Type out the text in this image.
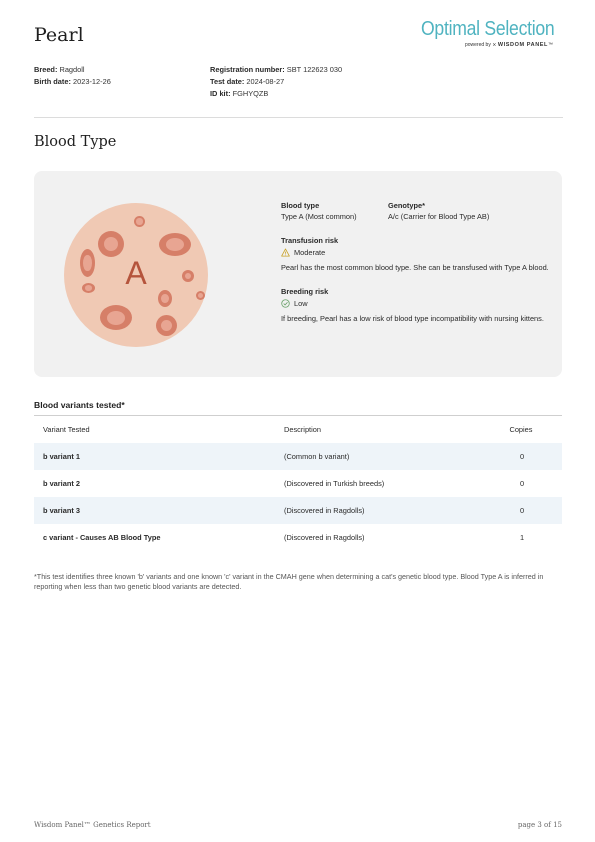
Pearl	Optimal Selection
powered by ⨯ WISDOM PANEL™
Breed: Ragdoll
Birth date: 2023-12-26
Registration number: SBT 122623 030
Test date: 2024-08-27
ID kit: FGHYQZB
Blood Type
A
Blood type
Type A (Most common)
Genotype*
A/c (Carrier for Blood Type AB)
Transfusion risk
Moderate
Pearl has the most common blood type. She can be transfused with Type A blood.
Breeding risk
Low
If breeding, Pearl has a low risk of blood type incompatibility with nursing kittens.
Blood variants tested*
Variant Tested	Description	Copies
b variant 1	(Common b variant)	0
b variant 2	(Discovered in Turkish breeds)	0
b variant 3	(Discovered in Ragdolls)	0
c variant - Causes AB Blood Type	(Discovered in Ragdolls)	1
*This test identifies three known 'b' variants and one known 'c' variant in the CMAH gene when determining a cat's genetic blood type. Blood Type A is inferred in reporting when less than two genetic blood variants are detected.
Wisdom Panel™ Genetics Report	page 3 of 15
